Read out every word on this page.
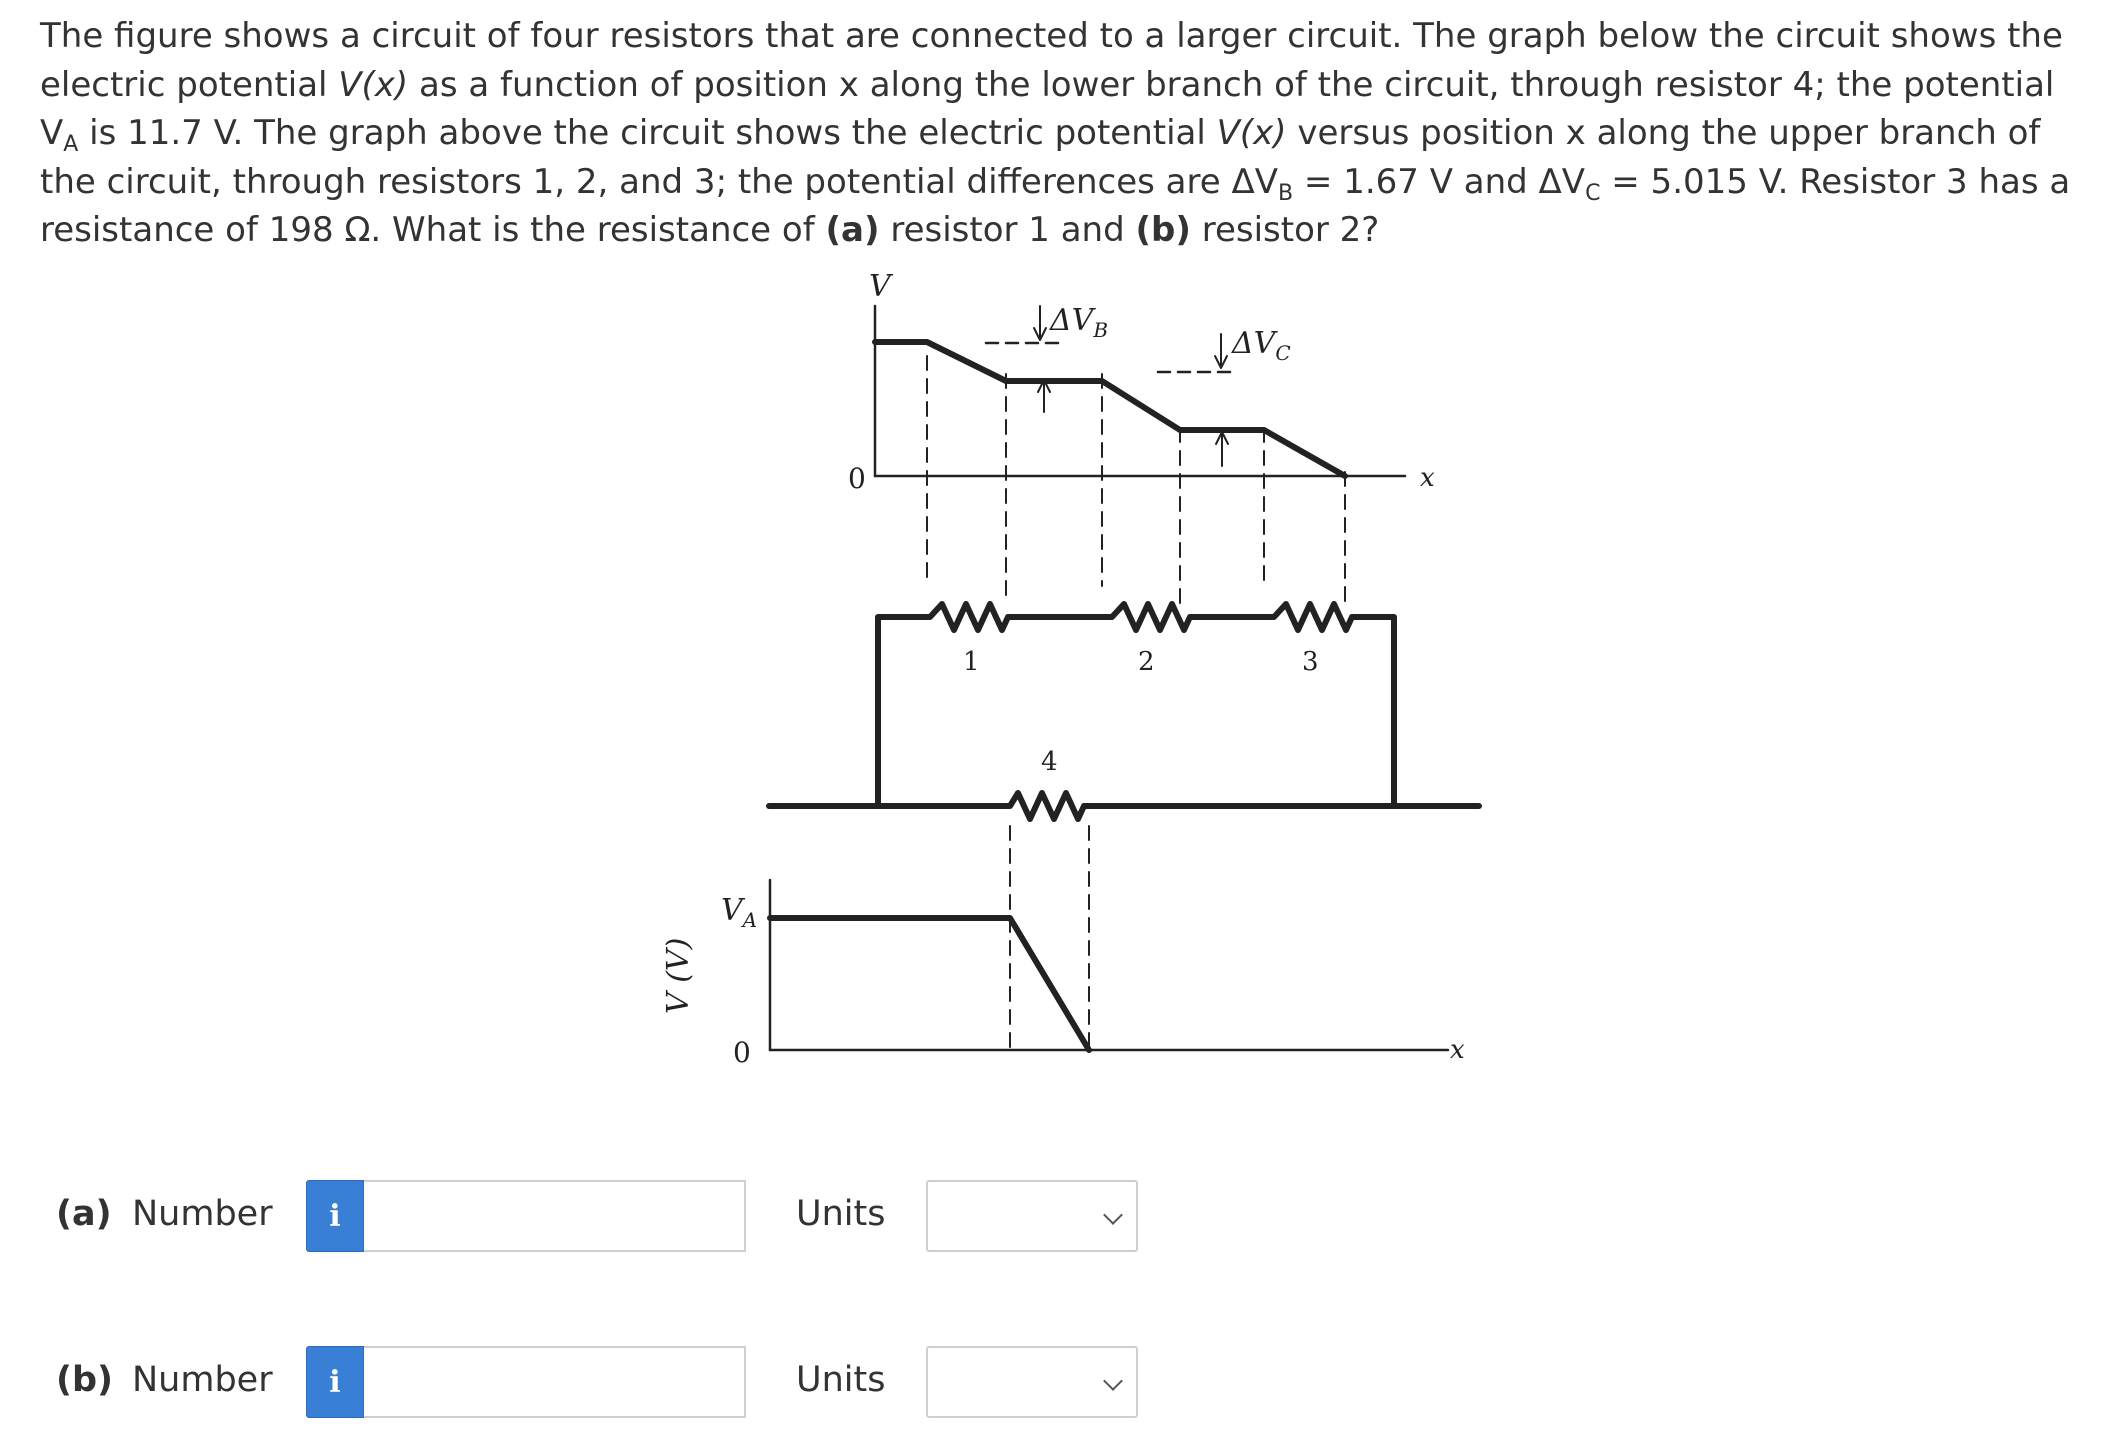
The figure shows a circuit of four resistors that are connected to a larger circuit. The graph below the circuit shows the electric potential V(x) as a function of position x along the lower branch of the circuit, through resistor 4; the potential $V_A$ is 11.7 V. The graph above the circuit shows the electric potential V(x) versus position x along the upper branch of the circuit, through resistors 1, 2, and 3; the potential differences are $\Delta V_B = 1.67$ V and $\Delta V_C = 5.015$ V. Resistor 3 has a resistance of 198 Ω. What is the resistance of (a) resistor 1 and (b) resistor 2?

V
0	x
$\Delta V_B$	$\Delta V_C$
1	2	3
4
$V_A$
0	x
V (V)
(a) Number	i	Units
(b) Number	i	Units
